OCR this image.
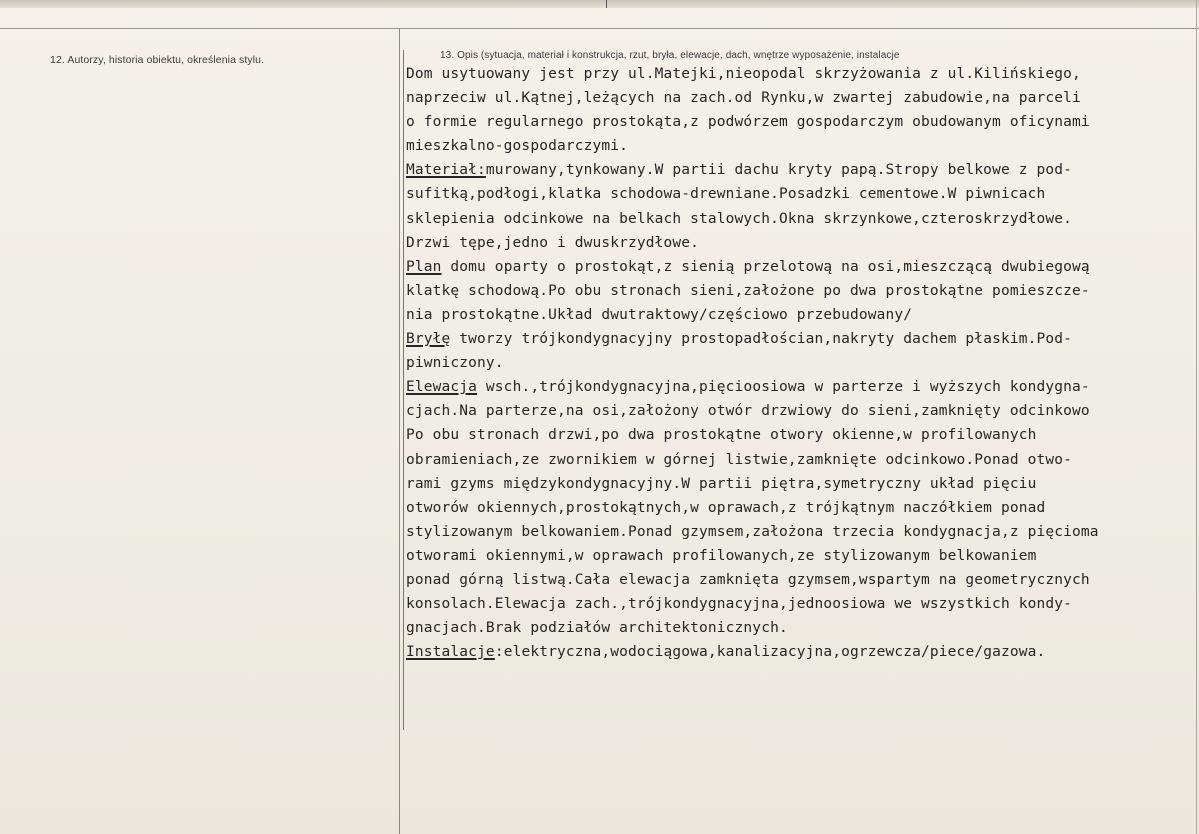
12. Autorzy, historia obiektu, określenia stylu.	13. Opis (sytuacja, materiał i konstrukcja, rzut, bryła, elewacje, dach, wnętrze wyposażenie, instalacje
Dom usytuowany jest przy ul.Matejki,nieopodal skrzyżowania z ul.Kilińskiego,
naprzeciw ul.Kątnej,leżących na zach.od Rynku,w zwartej zabudowie,na parceli
o formie regularnego prostokąta,z podwórzem gospodarczym obudowanym oficynami
mieszkalno-gospodarczymi.
Materiał:murowany,tynkowany.W partii dachu kryty papą.Stropy belkowe z pod-
sufitką,podłogi,klatka schodowa-drewniane.Posadzki cementowe.W piwnicach
sklepienia odcinkowe na belkach stalowych.Okna skrzynkowe,czteroskrzydłowe.
Drzwi tępe,jedno i dwuskrzydłowe.
Plan domu oparty o prostokąt,z sienią przelotową na osi,mieszczącą dwubiegową
klatkę schodową.Po obu stronach sieni,założone po dwa prostokątne pomieszcze-
nia prostokątne.Układ dwutraktowy/częściowo przebudowany/
Bryłę tworzy trójkondygnacyjny prostopadłościan,nakryty dachem płaskim.Pod-
piwniczony.
Elewacja wsch.,trójkondygnacyjna,pięcioosiowa w parterze i wyższych kondygna-
cjach.Na parterze,na osi,założony otwór drzwiowy do sieni,zamknięty odcinkowo
Po obu stronach drzwi,po dwa prostokątne otwory okienne,w profilowanych
obramieniach,ze zwornikiem w górnej listwie,zamknięte odcinkowo.Ponad otwo-
rami gzyms międzykondygnacyjny.W partii piętra,symetryczny układ pięciu
otworów okiennych,prostokątnych,w oprawach,z trójkątnym naczółkiem ponad
stylizowanym belkowaniem.Ponad gzymsem,założona trzecia kondygnacja,z pięcioma
otworami okiennymi,w oprawach profilowanych,ze stylizowanym belkowaniem
ponad górną listwą.Cała elewacja zamknięta gzymsem,wspartym na geometrycznych
konsolach.Elewacja zach.,trójkondygnacyjna,jednoosiowa we wszystkich kondy-
gnacjach.Brak podziałów architektonicznych.
Instalacje:elektryczna,wodociągowa,kanalizacyjna,ogrzewcza/piece/gazowa.
